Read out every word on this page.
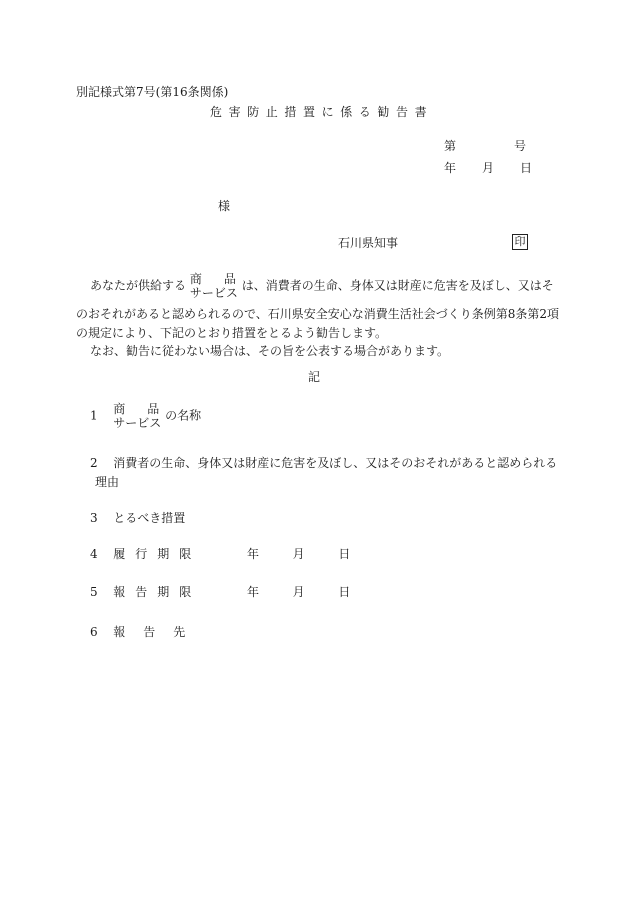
別記様式第7号(第16条関係)
危害防止措置に係る勧告書
第	号
年 月 日
様
石川県知事	印
あなたが供給する 商 品
サービス
は、消費者の生命、身体又は財産に危害を及ぼし、又はそ
のおそれがあると認められるので、石川県安全安心な消費生活社会づくり条例第8条第2項
の規定により、下記のとおり措置をとるよう勧告します。
なお、勧告に従わない場合は、その旨を公表する場合があります。
記
1 商 品
サービス
の名称
2 消費者の生命、身体又は財産に危害を及ぼし、又はそのおそれがあると認められる
理由
3 とるべき措置
4 履行期限	年	月	日
5 報告期限	年	月	日
6 報告先
